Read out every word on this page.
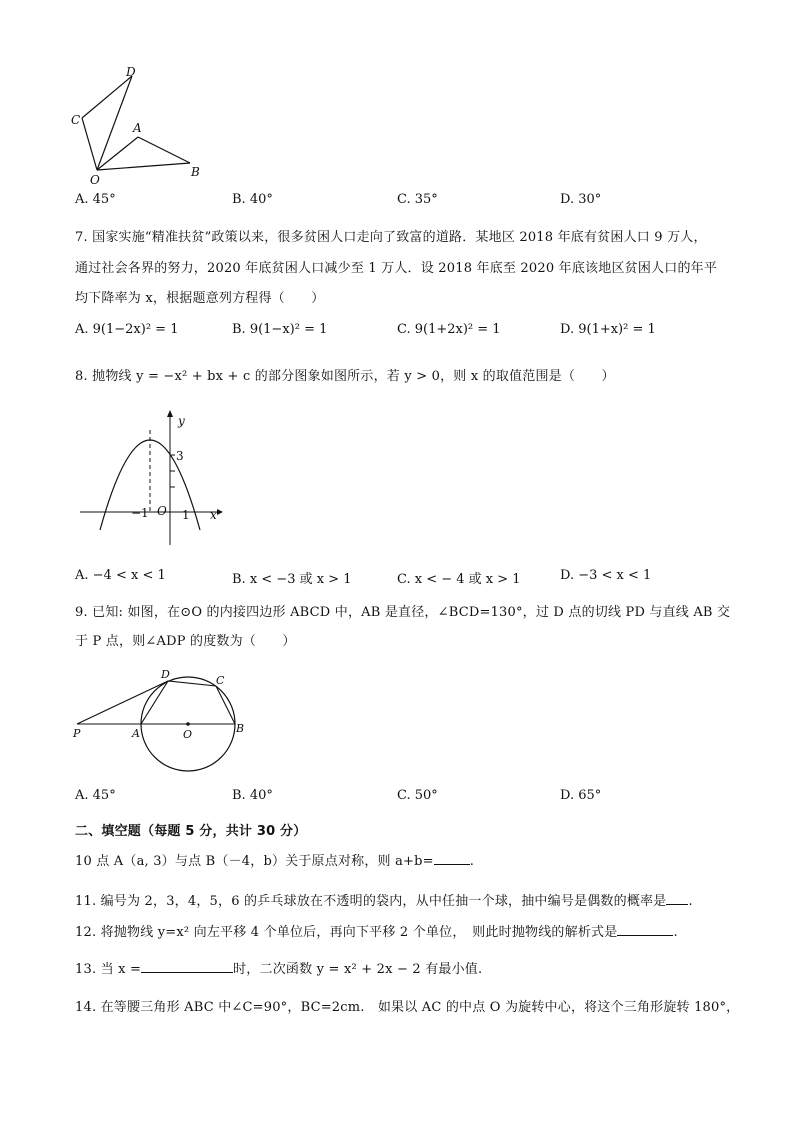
D
C
A
O
B
A. 45°	B. 40°	C. 35°	D. 30°
7. 国家实施“精准扶贫”政策以来，很多贫困人口走向了致富的道路．某地区 2018 年底有贫困人口 9 万人，
通过社会各界的努力，2020 年底贫困人口减少至 1 万人．设 2018 年底至 2020 年底该地区贫困人口的年平
均下降率为 x，根据题意列方程得（　　）
A. 9(1−2x)² = 1	B. 9(1−x)² = 1	C. 9(1+2x)² = 1	D. 9(1+x)² = 1
8. 抛物线 y = −x² + bx + c 的部分图象如图所示，若 y > 0，则 x 的取值范围是（　　）
y
3
x
−1 O 1
A. −4 < x < 1	B. x < −3 或 x > 1	C. x < − 4 或 x > 1	D. −3 < x < 1
9. 已知: 如图，在⊙O 的内接四边形 ABCD 中，AB 是直径，∠BCD=130°，过 D 点的切线 PD 与直线 AB 交
于 P 点，则∠ADP 的度数为（　　）
D	C
P	A	O	B
A. 45°	B. 40°	C. 50°	D. 65°
二、填空题（每题 5 分，共计 30 分）
10 点 A（a, 3）与点 B（－4，b）关于原点对称，则 a+b=	.
11. 编号为 2，3，4，5，6 的乒乓球放在不透明的袋内，从中任抽一个球，抽中编号是偶数的概率是 .
12. 将抛物线 y=x² 向左平移 4 个单位后，再向下平移 2 个单位，　则此时抛物线的解析式是	.
13. 当 x =	时，二次函数 y = x² + 2x − 2 有最小值.
14. 在等腰三角形 ABC 中∠C=90°，BC=2cm.　如果以 AC 的中点 O 为旋转中心，将这个三角形旋转 180°，
